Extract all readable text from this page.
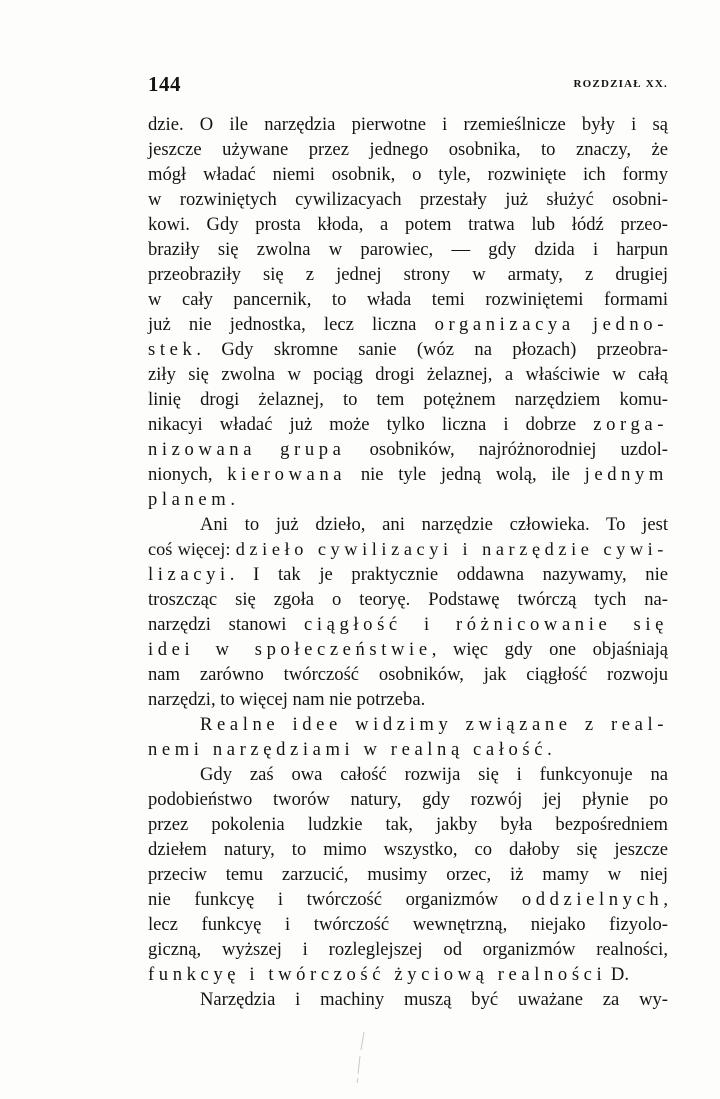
144	ROZDZIAŁ XX.
dzie. O ile narzędzia pierwotne i rzemieślnicze były i są
jeszcze używane przez jednego osobnika, to znaczy, że
mógł władać niemi osobnik, o tyle, rozwinięte ich formy
w rozwiniętych cywilizacyach przestały już służyć osobni-
kowi. Gdy prosta kłoda, a potem tratwa lub łódź przeo-
braziły się zwolna w parowiec, — gdy dzida i harpun
przeobraziły się z jednej strony w armaty, z drugiej
w cały pancernik, to włada temi rozwiniętemi formami
już nie jednostka, lecz liczna organizacya jedno-
stek. Gdy skromne sanie (wóz na płozach) przeobra-
ziły się zwolna w pociąg drogi żelaznej, a właściwie w całą
linię drogi żelaznej, to tem potężnem narzędziem komu-
nikacyi władać już może tylko liczna i dobrze zorga-
nizowana grupa osobników, najróżnorodniej uzdol-
nionych, kierowana nie tyle jedną wolą, ile jednym
planem.
Ani to już dzieło, ani narzędzie człowieka. To jest
coś więcej: dzieło cywilizacyi i narzędzie cywi-
lizacyi. I tak je praktycznie oddawna nazywamy, nie
troszcząc się zgoła o teoryę. Podstawę twórczą tych na-
narzędzi stanowi ciągłość i różnicowanie się
idei w społeczeństwie, więc gdy one objaśniają
nam zarówno twórczość osobników, jak ciągłość rozwoju
narzędzi, to więcej nam nie potrzeba.
Realne idee widzimy związane z real-
nemi narzędziami w realną całość.
Gdy zaś owa całość rozwija się i funkcyonuje na
podobieństwo tworów natury, gdy rozwój jej płynie po
przez pokolenia ludzkie tak, jakby była bezpośredniem
dziełem natury, to mimo wszystko, co dałoby się jeszcze
przeciw temu zarzucić, musimy orzec, iż mamy w niej
nie funkcyę i twórczość organizmów oddzielnych,
lecz funkcyę i twórczość wewnętrzną, niejako fizyolo-
giczną, wyższej i rozleglejszej od organizmów realności,
funkcyę i twórczość życiową realności D.
Narzędzia i machiny muszą być uważane za wy-
